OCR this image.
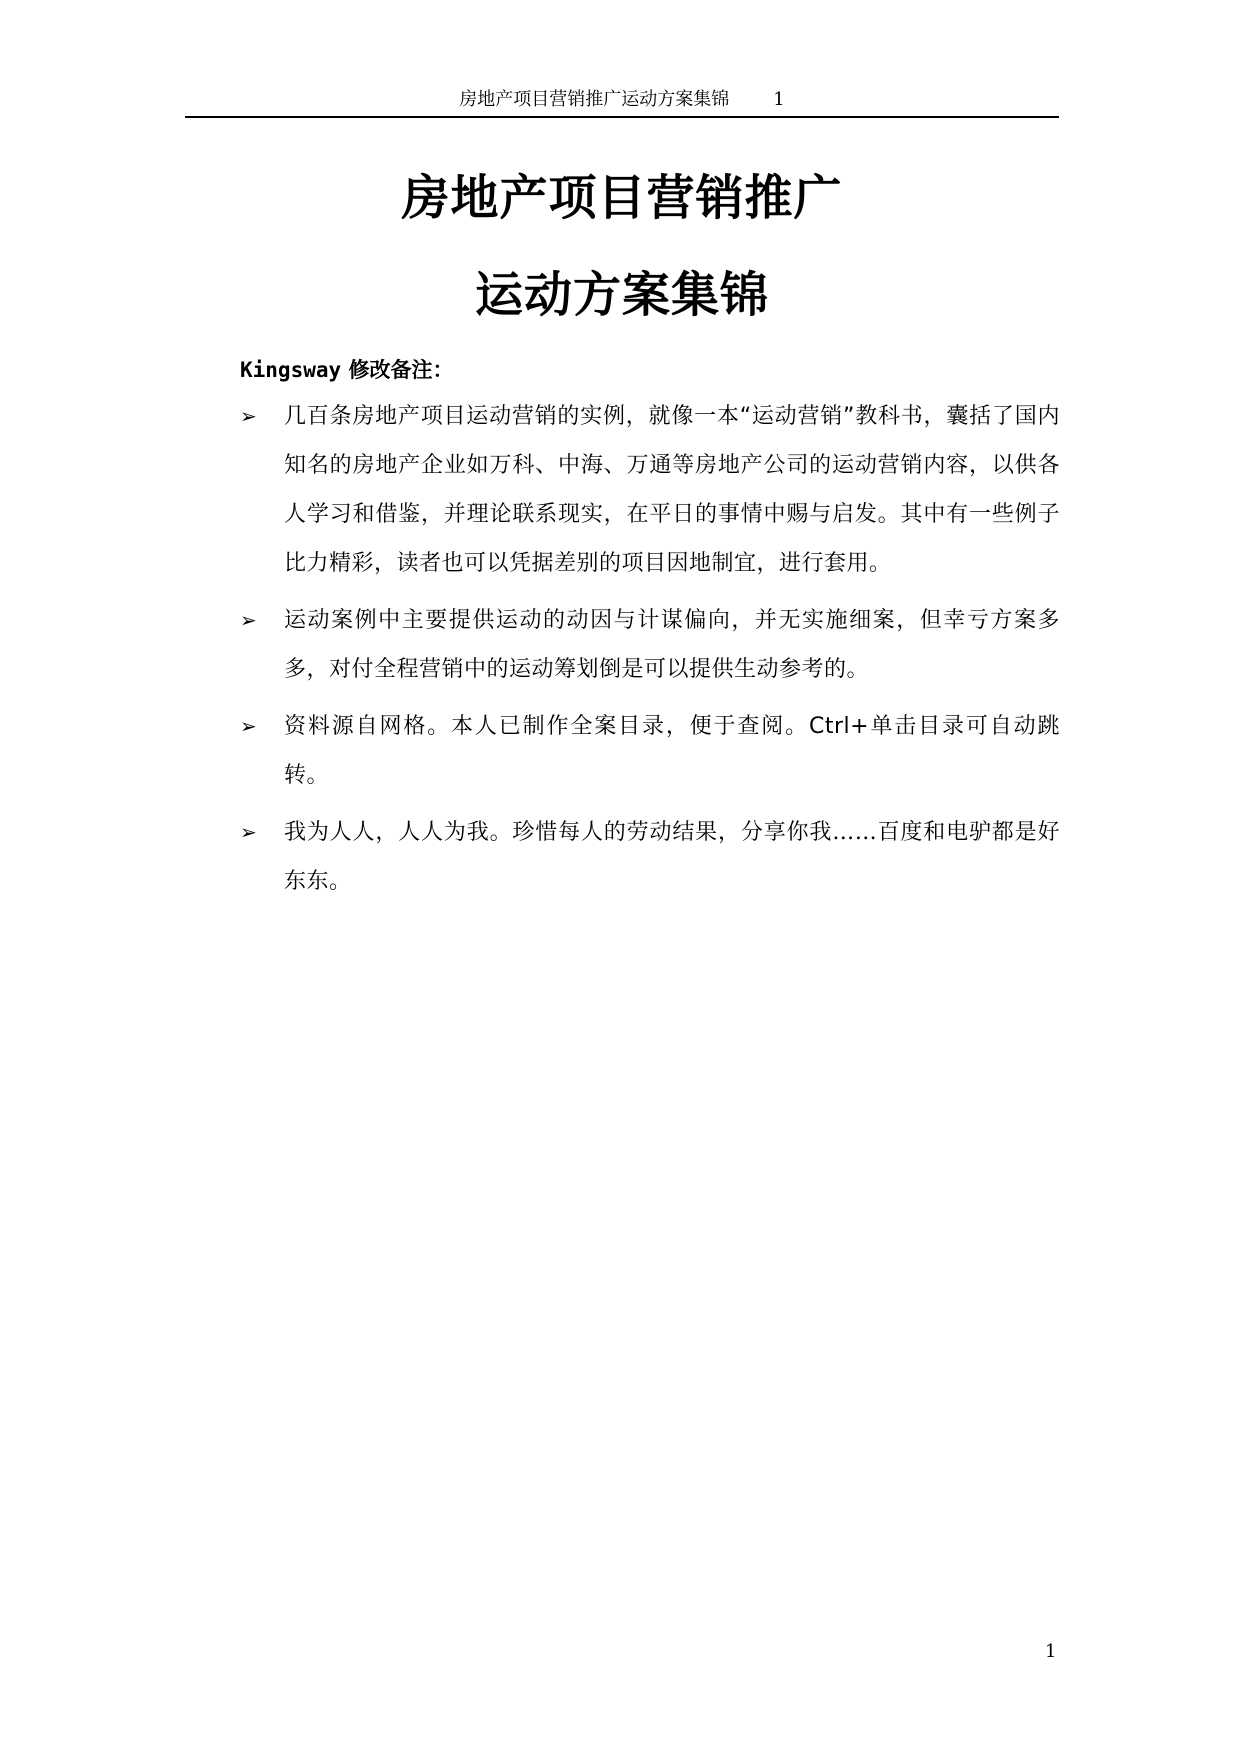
房地产项目营销推广运动方案集锦 1
房地产项目营销推广
运动方案集锦
Kingsway 修改备注：
➢	几百条房地产项目运动营销的实例，就像一本“运动营销”教科书，囊括了国内知名的房地产企业如万科、中海、万通等房地产公司的运动营销内容，以供各人学习和借鉴，并理论联系现实，在平日的事情中赐与启发。其中有一些例子比力精彩，读者也可以凭据差别的项目因地制宜，进行套用。
➢	运动案例中主要提供运动的动因与计谋偏向，并无实施细案，但幸亏方案多多，对付全程营销中的运动筹划倒是可以提供生动参考的。
➢	资料源自网格。本人已制作全案目录，便于查阅。Ctrl+单击目录可自动跳转。
➢	我为人人，人人为我。珍惜每人的劳动结果，分享你我……百度和电驴都是好东东。
1
